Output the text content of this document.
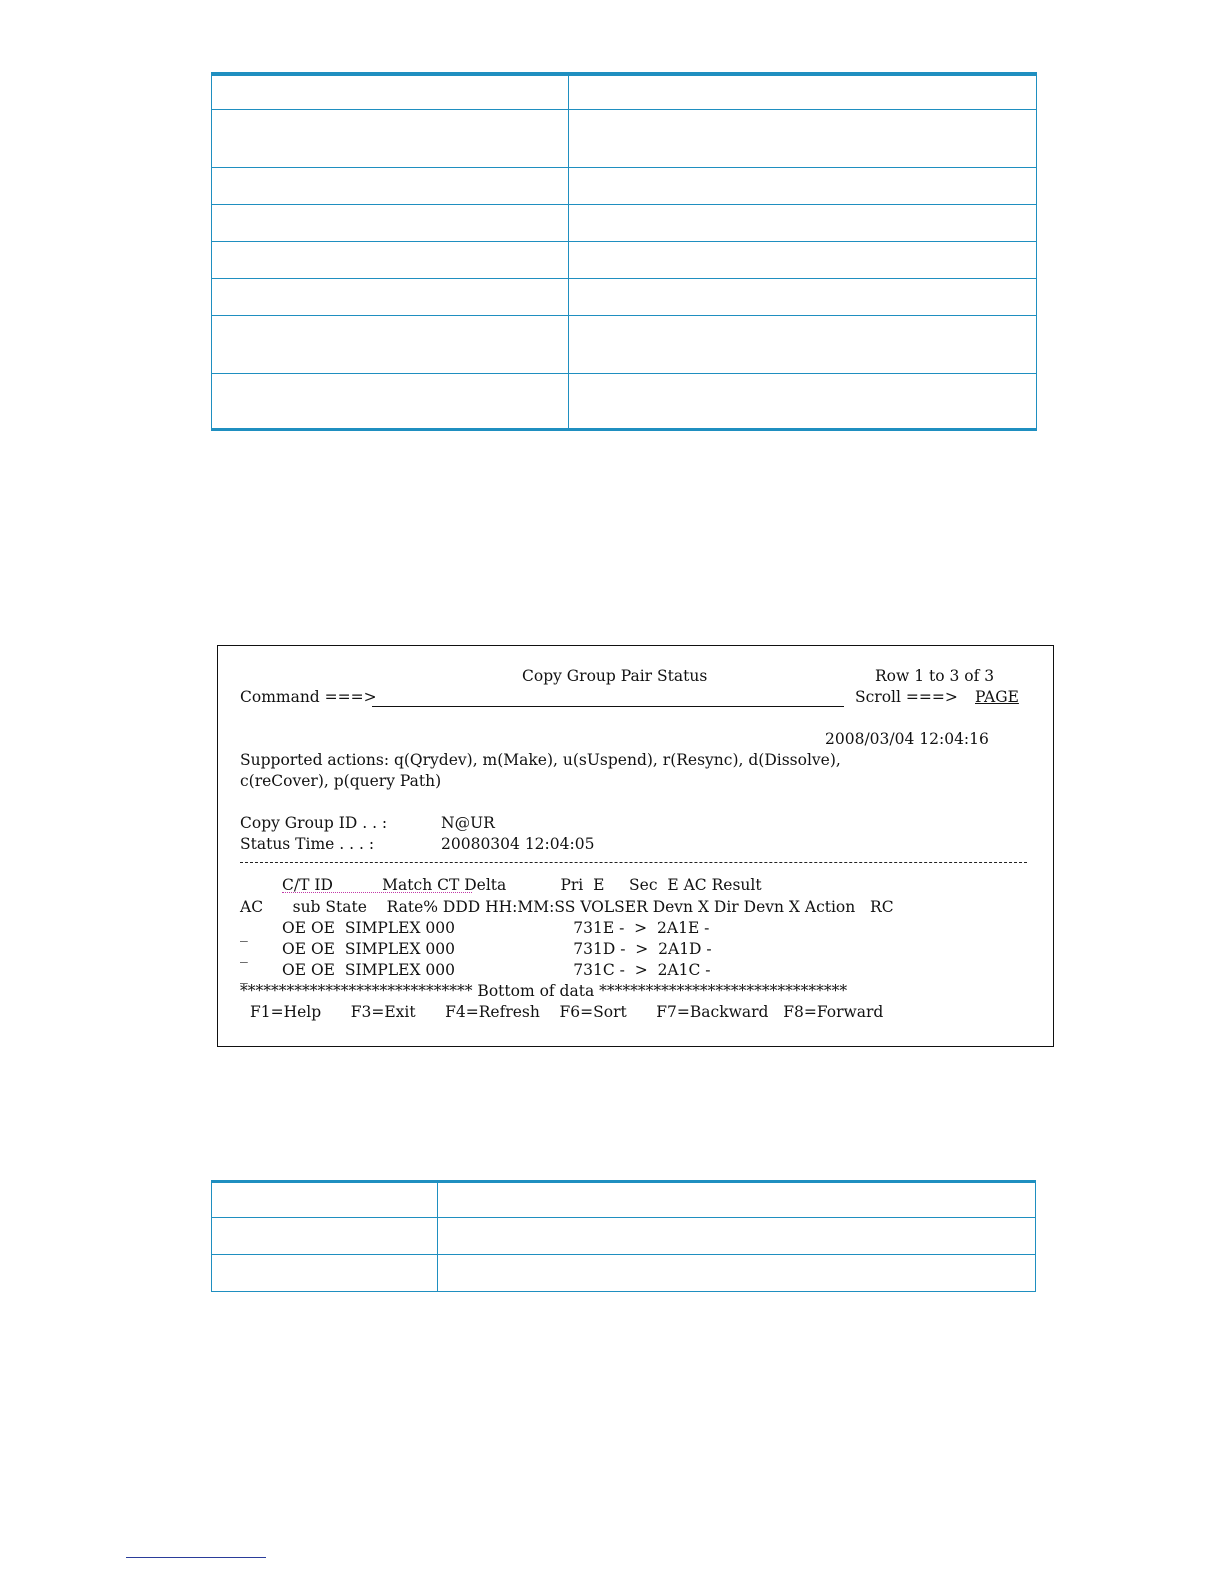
Copy Group Pair Status	Row 1 to 3 of 3
Command ===>	Scroll ===> PAGE
2008/03/04 12:04:16
Supported actions: q(Qrydev), m(Make), u(sUspend), r(Resync), d(Dissolve),
c(reCover), p(query Path)
Copy Group ID . . :	N@UR
Status Time . . . :	20080304 12:04:05
C/T ID          Match CT Delta           Pri  E     Sec  E AC Result
AC      sub State    Rate% DDD HH:MM:SS VOLSER Devn X Dir Devn X Action   RC
_ OE OE  SIMPLEX 000                        731E -  >  2A1E -
_ OE OE  SIMPLEX 000                        731D -  >  2A1D -
_ OE OE  SIMPLEX 000                        731C -  >  2A1C -
****************************** Bottom of data ********************************
F1=Help      F3=Exit      F4=Refresh    F6=Sort      F7=Backward   F8=Forward
